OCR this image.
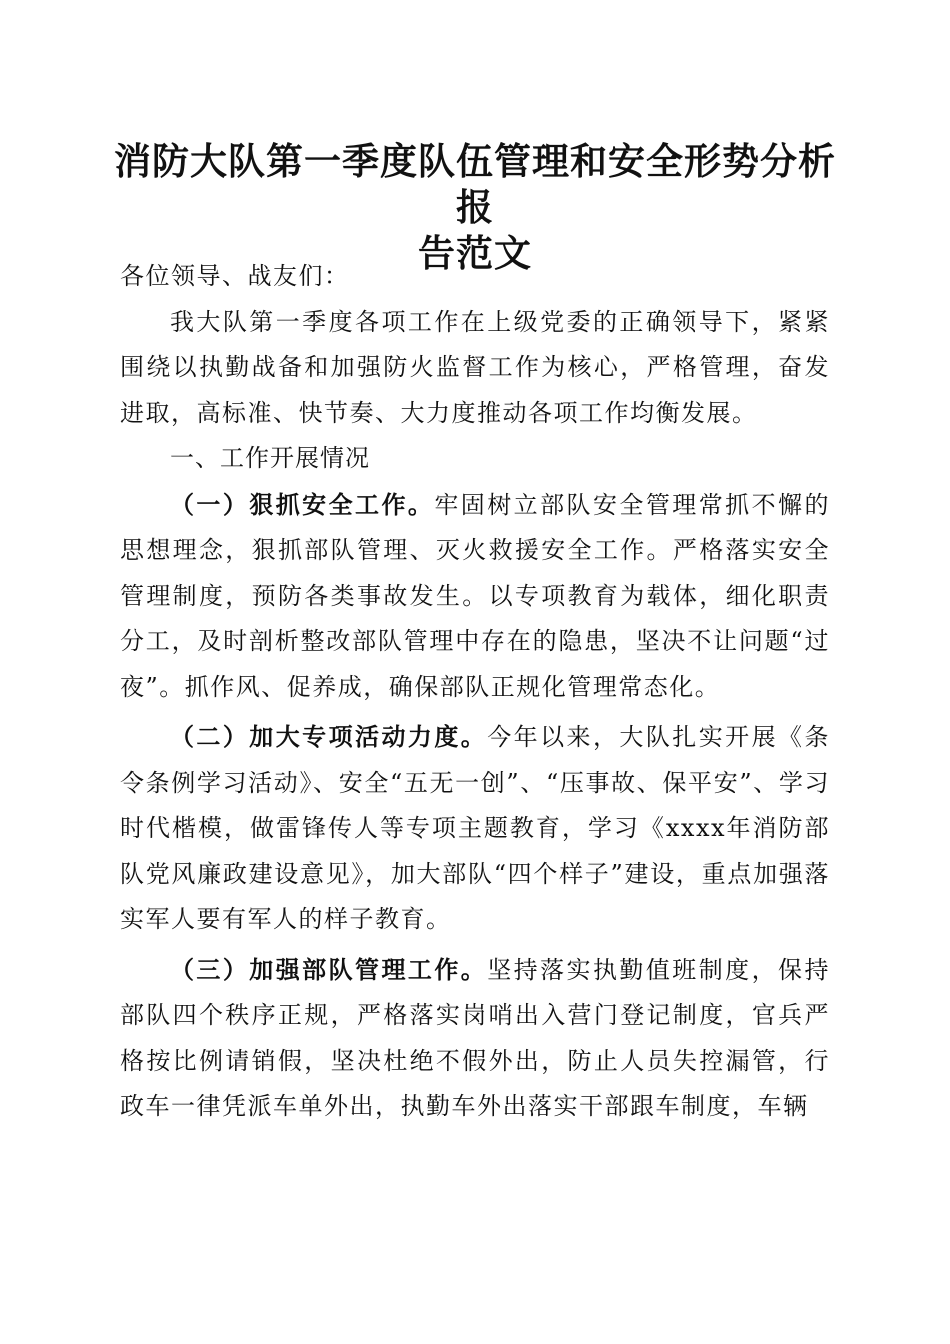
消防大队第一季度队伍管理和安全形势分析报
告范文

各位领导、战友们：

我大队第一季度各项工作在上级党委的正确领导下，紧紧围绕以执勤战备和加强防火监督工作为核心，严格管理，奋发进取，高标准、快节奏、大力度推动各项工作均衡发展。

一、工作开展情况

（一）狠抓安全工作。牢固树立部队安全管理常抓不懈的思想理念，狠抓部队管理、灭火救援安全工作。严格落实安全管理制度，预防各类事故发生。以专项教育为载体，细化职责分工，及时剖析整改部队管理中存在的隐患，坚决不让问题“过夜”。抓作风、促养成，确保部队正规化管理常态化。

（二）加大专项活动力度。今年以来，大队扎实开展《条令条例学习活动》、安全“五无一创”、“压事故、保平安”、学习时代楷模，做雷锋传人等专项主题教育，学习《xxxx年消防部队党风廉政建设意见》，加大部队“四个样子”建设，重点加强落实军人要有军人的样子教育。

（三）加强部队管理工作。坚持落实执勤值班制度，保持部队四个秩序正规，严格落实岗哨出入营门登记制度，官兵严格按比例请销假，坚决杜绝不假外出，防止人员失控漏管，行政车一律凭派车单外出，执勤车外出落实干部跟车制度，车辆
